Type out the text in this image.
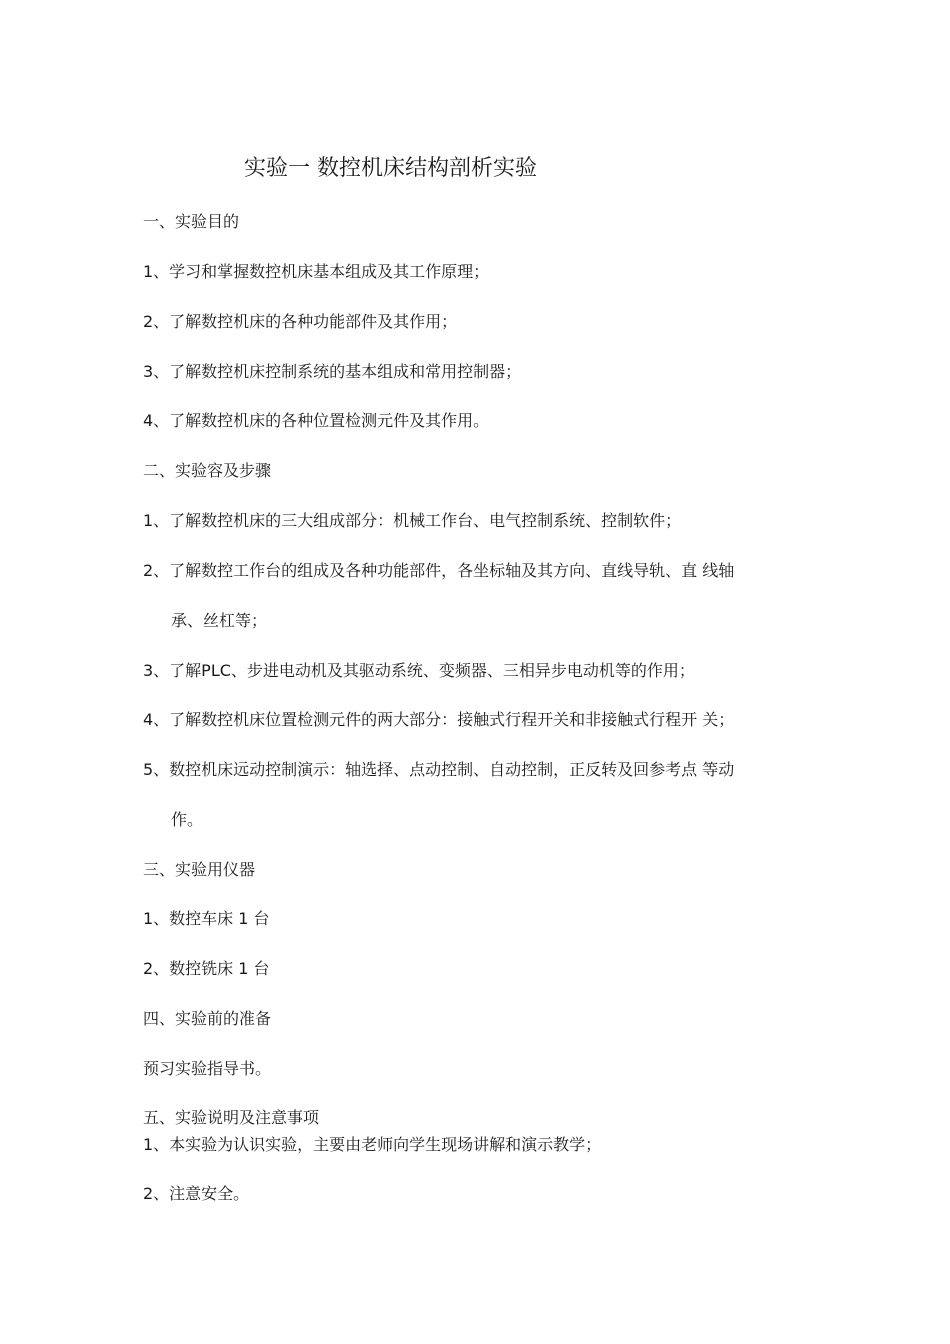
实验一 数控机床结构剖析实验
一、实验目的
1、学习和掌握数控机床基本组成及其工作原理；
2、了解数控机床的各种功能部件及其作用；
3、了解数控机床控制系统的基本组成和常用控制器；
4、了解数控机床的各种位置检测元件及其作用。
二、实验容及步骤
1、了解数控机床的三大组成部分：机械工作台、电气控制系统、控制软件；
2、了解数控工作台的组成及各种功能部件，各坐标轴及其方向、直线导轨、直 线轴
承、丝杠等；
3、了解PLC、步进电动机及其驱动系统、变频器、三相异步电动机等的作用；
4、了解数控机床位置检测元件的两大部分：接触式行程开关和非接触式行程开 关；
5、数控机床远动控制演示：轴选择、点动控制、自动控制，正反转及回参考点 等动
作。
三、实验用仪器
1、数控车床 1 台
2、数控铣床 1 台
四、实验前的准备
预习实验指导书。
五、实验说明及注意事项
1、本实验为认识实验，主要由老师向学生现场讲解和演示教学；
2、注意安全。
